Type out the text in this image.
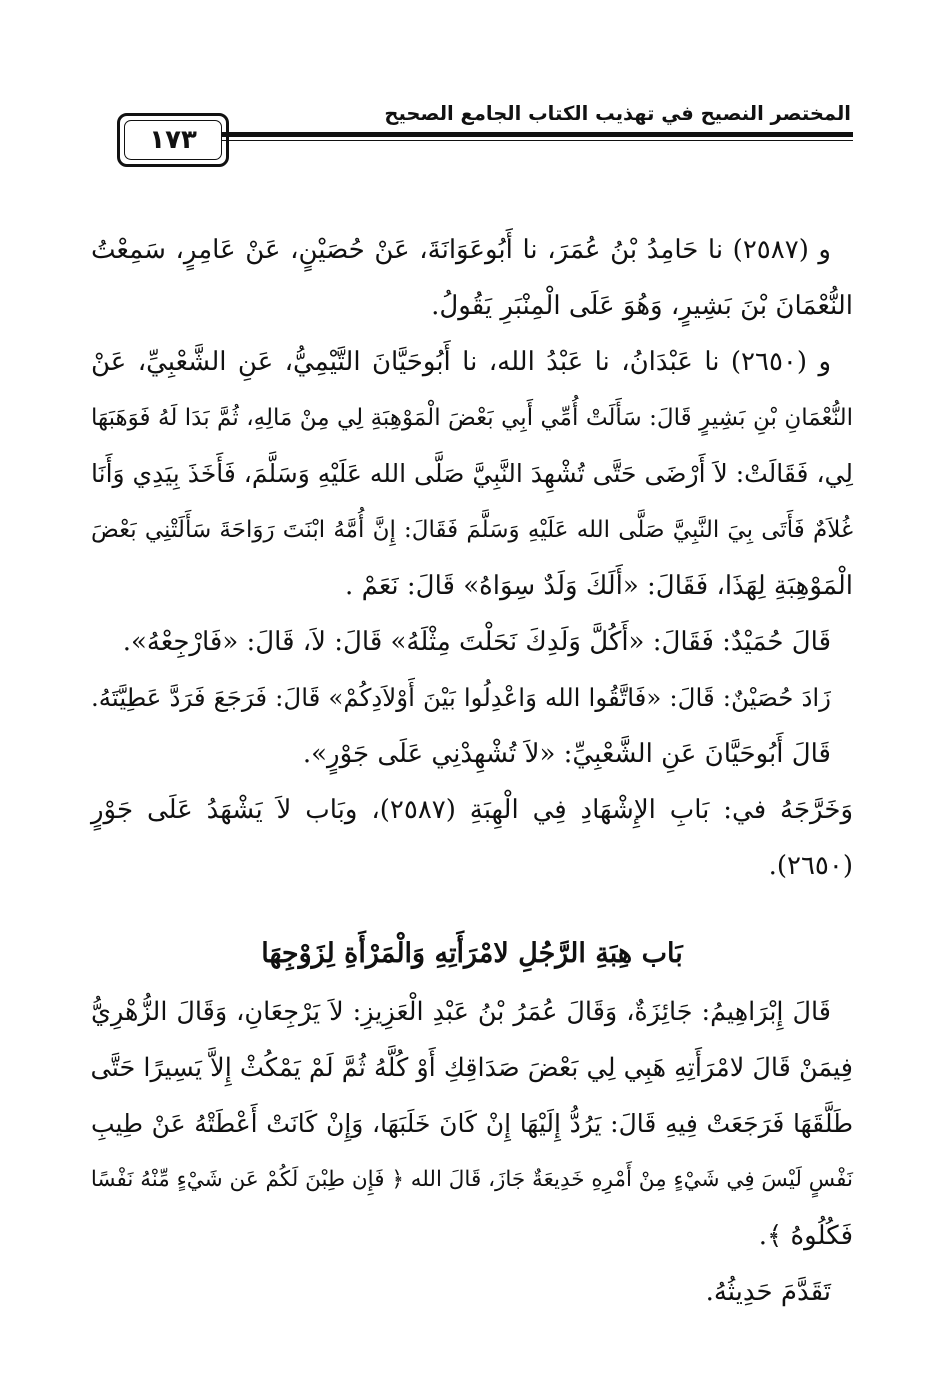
المختصر النصيح في تهذيب الكتاب الجامع الصحيح
١٧٣
و (٢٥٨٧) نا حَامِدُ بْنُ عُمَرَ، نا أَبُوعَوَانَةَ، عَنْ حُصَيْنٍ، عَنْ عَامِرٍ، سَمِعْتُ
النُّعْمَانَ بْنَ بَشِيرٍ، وَهُوَ عَلَى الْمِنْبَرِ يَقُولُ.
و (٢٦٥٠) نا عَبْدَانُ، نا عَبْدُ الله، نا أَبُوحَيَّانَ التَّيْمِيُّ، عَنِ الشَّعْبِيِّ، عَنْ
النُّعْمَانِ بْنِ بَشِيرٍ قَالَ: سَأَلَتْ أُمِّي أَبِي بَعْضَ الْمَوْهِبَةِ لِي مِنْ مَالِهِ، ثُمَّ بَدَا لَهُ فَوَهَبَهَا
لِي، فَقَالَتْ: لاَ أَرْضَى حَتَّى تُشْهِدَ النَّبِيَّ صَلَّى الله عَلَيْهِ وَسَلَّمَ، فَأَخَذَ بِيَدِي وَأَنَا
غُلاَمٌ فَأَتَى بِيَ النَّبِيَّ صَلَّى الله عَلَيْهِ وَسَلَّمَ فَقَالَ: إِنَّ أُمَّهُ ابْنَتَ رَوَاحَةَ سَأَلَتْنِي بَعْضَ
الْمَوْهِبَةِ لِهَذَا، فَقَالَ: «أَلَكَ وَلَدٌ سِوَاهُ» قَالَ: نَعَمْ .
قَالَ حُمَيْدٌ: فَقَالَ: «أَكُلَّ وَلَدِكَ نَحَلْتَ مِثْلَهُ» قَالَ: لاَ، قَالَ: «فَارْجِعْهُ».
زَادَ حُصَيْنٌ: قَالَ: «فَاتَّقُوا الله وَاعْدِلُوا بَيْنَ أَوْلاَدِكُمْ» قَالَ: فَرَجَعَ فَرَدَّ عَطِيَّتَهُ.
قَالَ أَبُوحَيَّانَ عَنِ الشَّعْبِيِّ: «لاَ تُشْهِدْنِي عَلَى جَوْرٍ».
وَخَرَّجَهُ في: بَابِ الإِشْهَادِ فِي الْهِبَةِ (٢٥٨٧)، وبَاب لاَ يَشْهَدُ عَلَى جَوْرٍ
(٢٦٥٠).
بَاب هِبَةِ الرَّجُلِ لامْرَأَتِهِ وَالْمَرْأَةِ لِزَوْجِهَا
قَالَ إِبْرَاهِيمُ: جَائِزَةٌ، وَقَالَ عُمَرُ بْنُ عَبْدِ الْعَزِيزِ: لاَ يَرْجِعَانِ، وَقَالَ الزُّهْرِيُّ
فِيمَنْ قَالَ لامْرَأَتِهِ هَبِي لِي بَعْضَ صَدَاقِكِ أَوْ كُلَّهُ ثُمَّ لَمْ يَمْكُثْ إِلاَّ يَسِيرًا حَتَّى
طَلَّقَهَا فَرَجَعَتْ فِيهِ قَالَ: يَرُدُّ إِلَيْهَا إِنْ كَانَ خَلَبَهَا، وَإِنْ كَانَتْ أَعْطَتْهُ عَنْ طِيبِ
نَفْسٍ لَيْسَ فِي شَيْءٍ مِنْ أَمْرِهِ خَدِيعَةٌ جَازَ، قَالَ الله ﴿ فَإِن طِبْنَ لَكُمْ عَن شَيْءٍ مِّنْهُ نَفْسًا
فَكُلُوهُ ﴾.
تَقَدَّمَ حَدِيثُهُ.
